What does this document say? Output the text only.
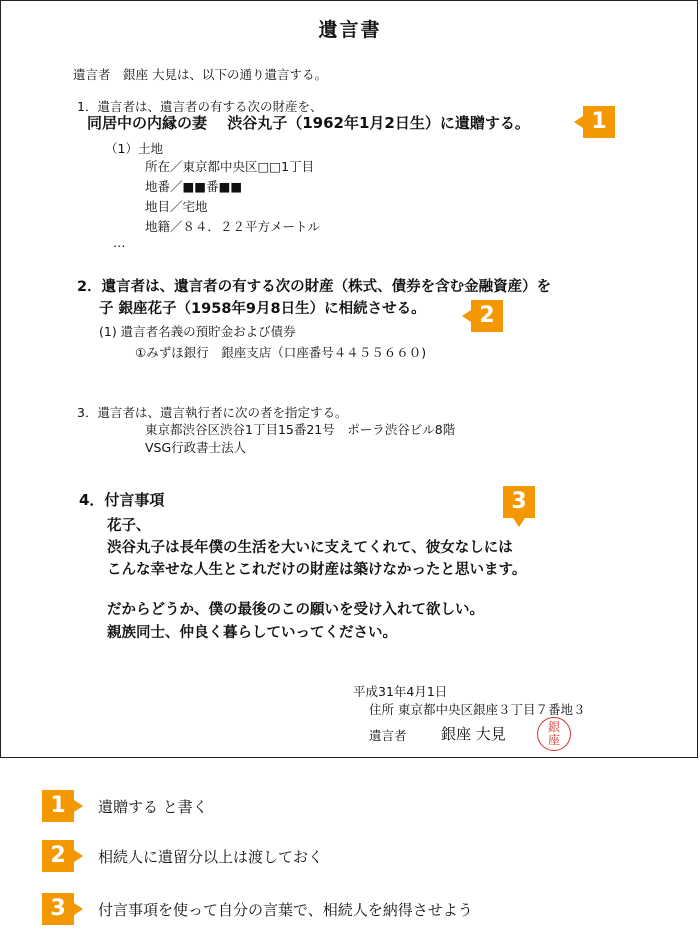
遺言書
遺言者　銀座 大見は、以下の通り遺言する。
1．遺言者は、遺言者の有する次の財産を、
同居中の内縁の妻　 渋谷丸子（1962年1月2日生）に遺贈する。	1
（1）土地
所在／東京都中央区□□1丁目
地番／■■番■■
地目／宅地
地籍／８４．２２平方メートル
…
2．遺言者は、遺言者の有する次の財産（株式、債券を含む金融資産）を
子 銀座花子（1958年9月8日生）に相続させる。	2
(1) 遺言者名義の預貯金および債券
①みずほ銀行　銀座支店（口座番号４４５５６６０)
3．遺言者は、遺言執行者に次の者を指定する。
東京都渋谷区渋谷1丁目15番21号　ポーラ渋谷ビル8階
VSG行政書士法人
4．付言事項	3
花子、
渋谷丸子は長年僕の生活を大いに支えてくれて、彼女なしには
こんな幸せな人生とこれだけの財産は築けなかったと思います。
だからどうか、僕の最後のこの願いを受け入れて欲しい。
親族同士、仲良く暮らしていってください。
平成31年4月1日
住所 東京都中央区銀座３丁目７番地３
遺言者 銀座 大見	銀
座
1	遺贈する と書く
2	相続人に遺留分以上は渡しておく
3	付言事項を使って自分の言葉で、相続人を納得させよう
